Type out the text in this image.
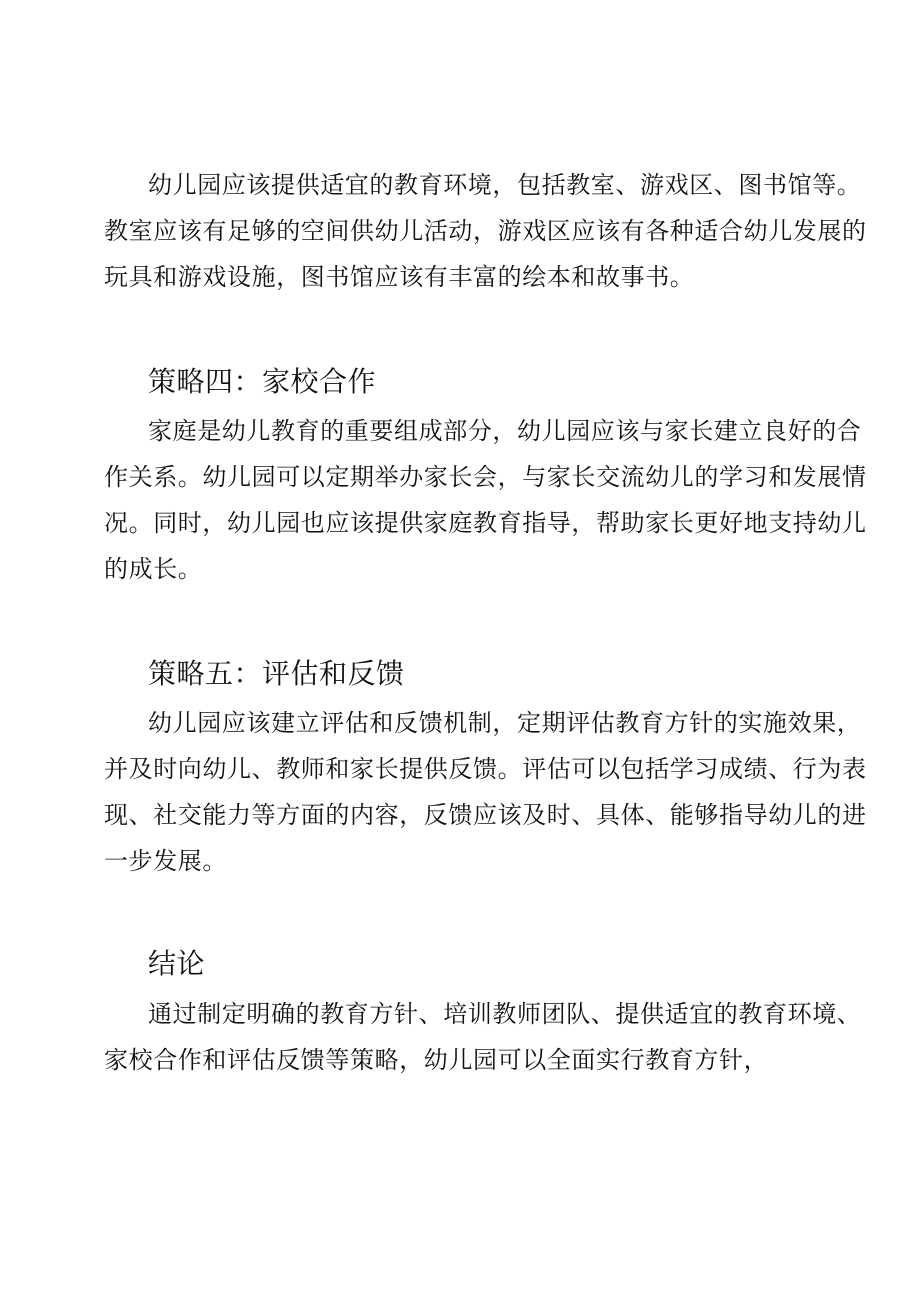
幼儿园应该提供适宜的教育环境，包括教室、游戏区、图书馆等。
教室应该有足够的空间供幼儿活动，游戏区应该有各种适合幼儿发展的
玩具和游戏设施，图书馆应该有丰富的绘本和故事书。

策略四：家校合作

家庭是幼儿教育的重要组成部分，幼儿园应该与家长建立良好的合
作关系。幼儿园可以定期举办家长会，与家长交流幼儿的学习和发展情
况。同时，幼儿园也应该提供家庭教育指导，帮助家长更好地支持幼儿
的成长。

策略五：评估和反馈

幼儿园应该建立评估和反馈机制，定期评估教育方针的实施效果，
并及时向幼儿、教师和家长提供反馈。评估可以包括学习成绩、行为表
现、社交能力等方面的内容，反馈应该及时、具体、能够指导幼儿的进
一步发展。

结论

通过制定明确的教育方针、培训教师团队、提供适宜的教育环境、
家校合作和评估反馈等策略，幼儿园可以全面实行教育方针，
